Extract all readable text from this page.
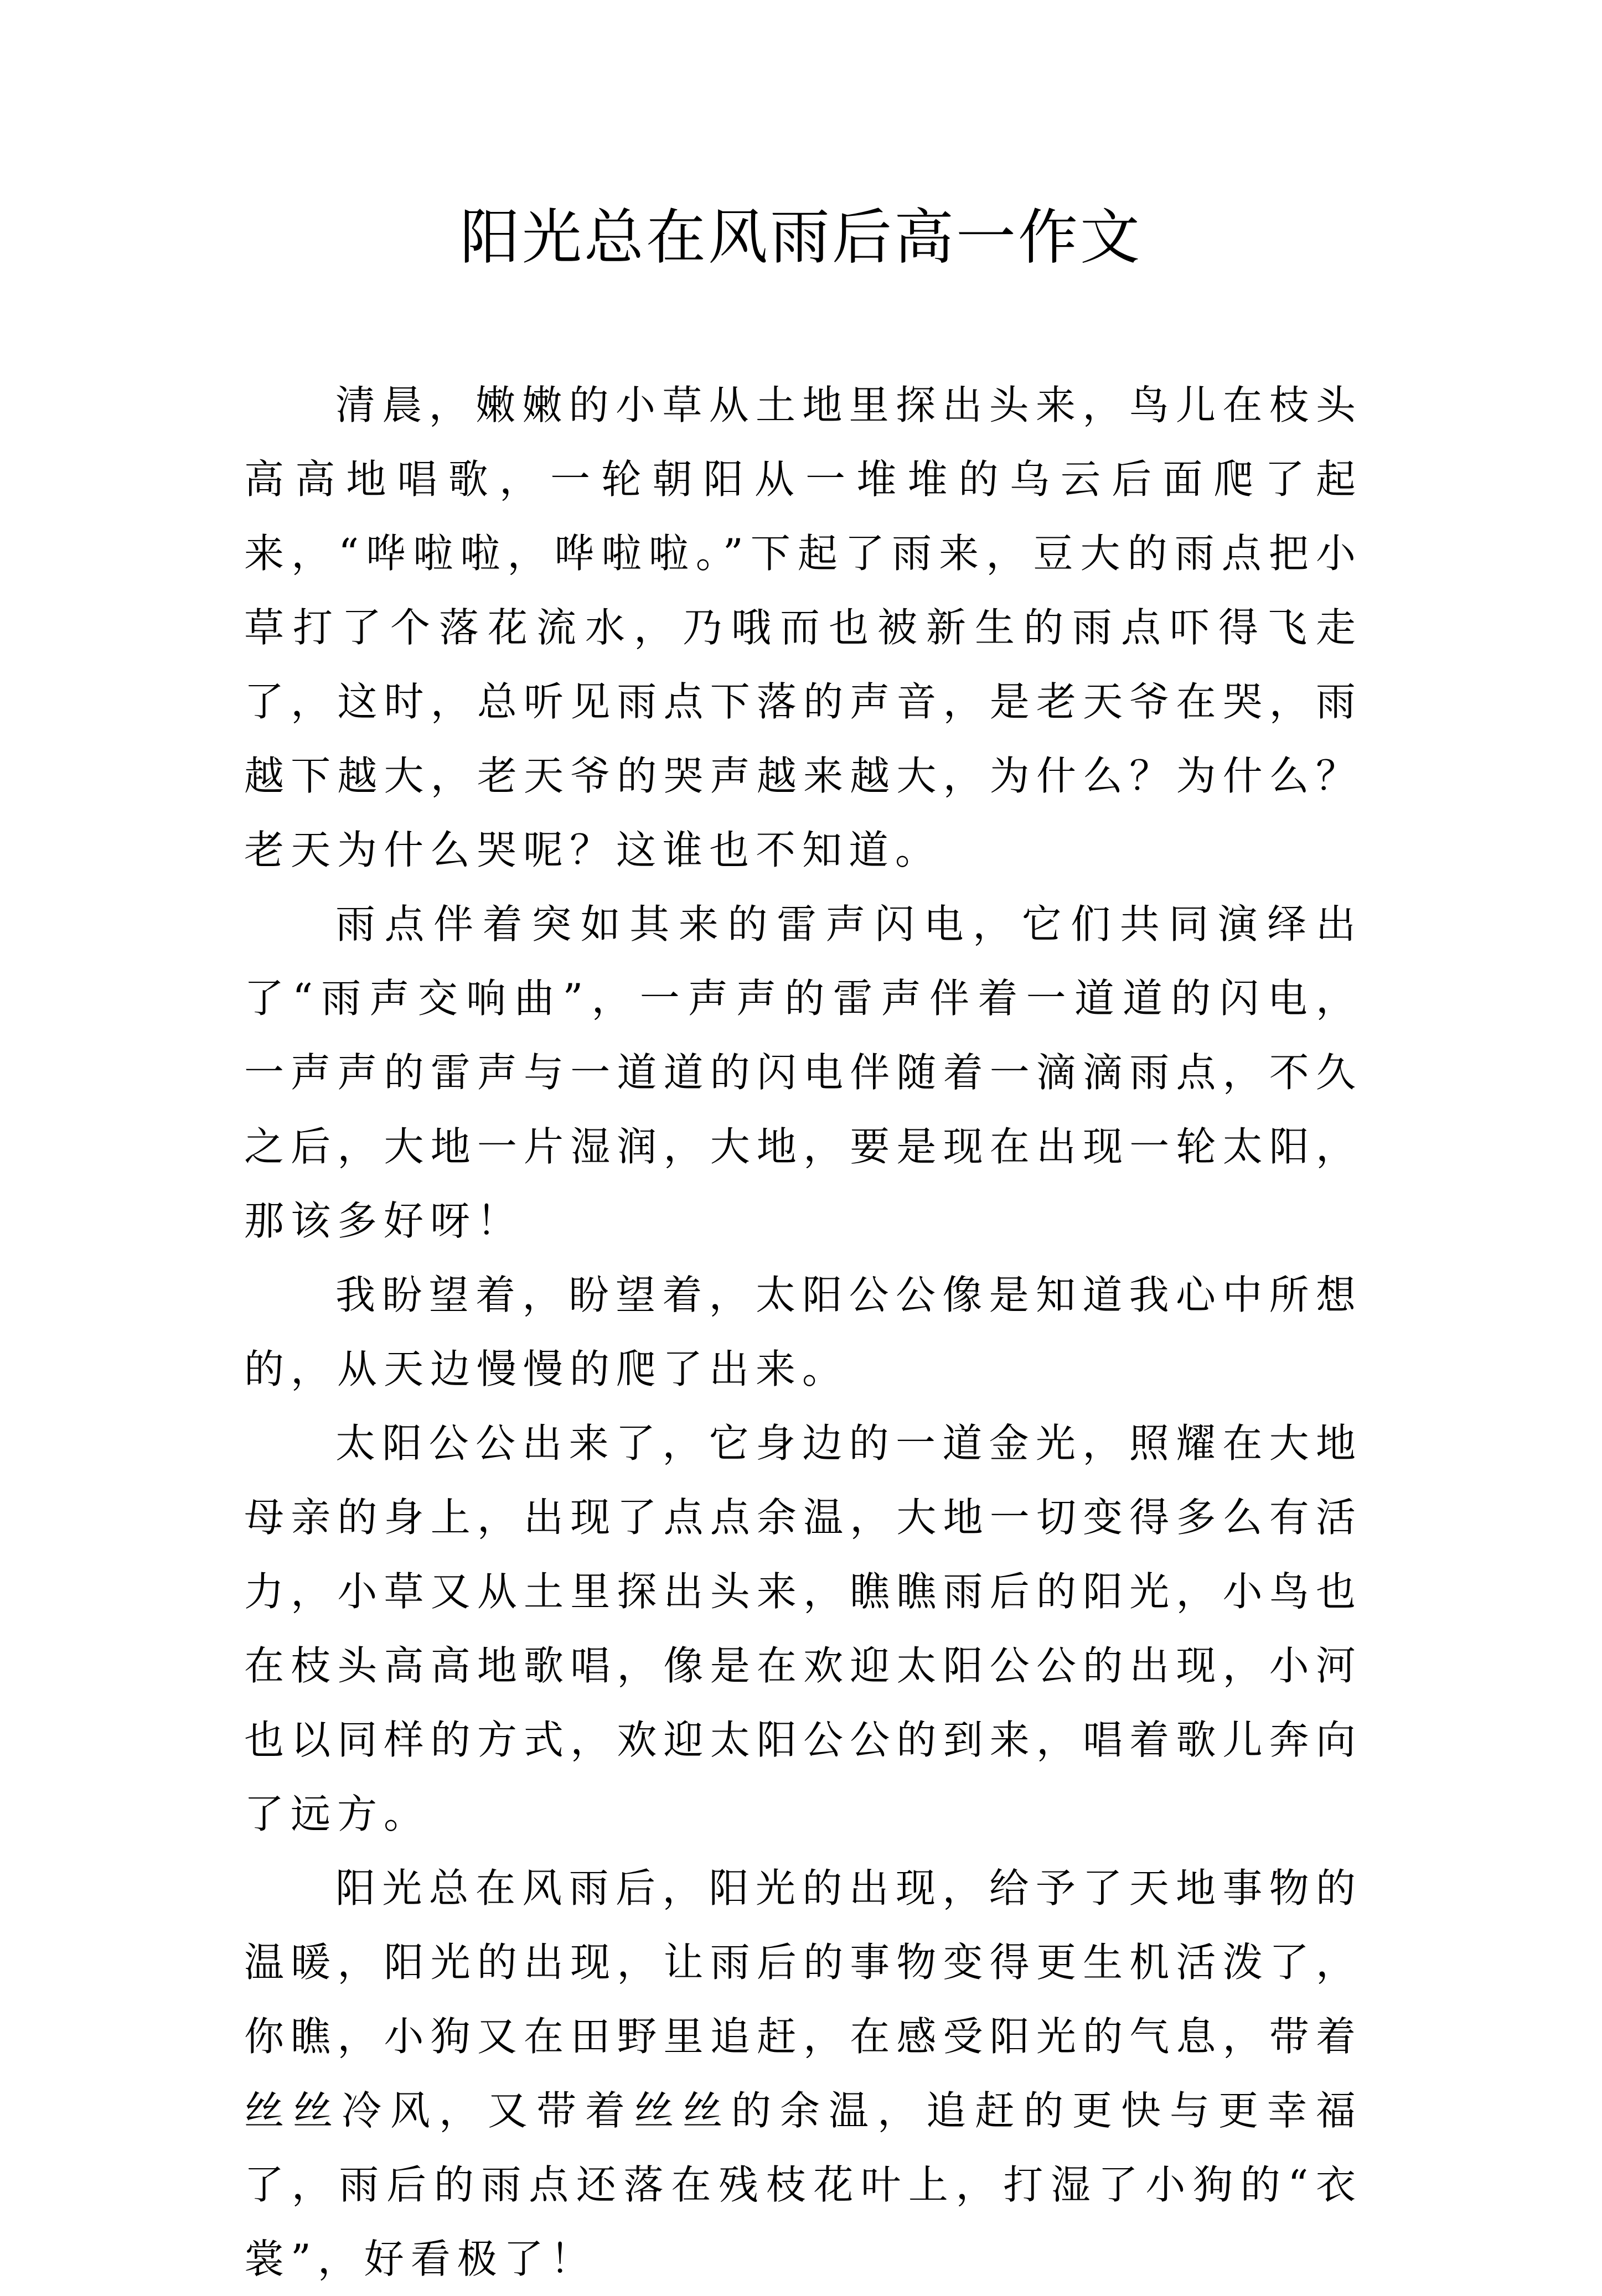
阳光总在风雨后高一作文

清晨，嫩嫩的小草从土地里探出头来，鸟儿在枝头高高地唱歌，一轮朝阳从一堆堆的乌云后面爬了起来，“哗啦啦，哗啦啦。”下起了雨来，豆大的雨点把小草打了个落花流水，乃哦而也被新生的雨点吓得飞走了，这时，总听见雨点下落的声音，是老天爷在哭，雨越下越大，老天爷的哭声越来越大，为什么？为什么？老天为什么哭呢？这谁也不知道。

雨点伴着突如其来的雷声闪电，它们共同演绎出了“雨声交响曲”，一声声的雷声伴着一道道的闪电，一声声的雷声与一道道的闪电伴随着一滴滴雨点，不久之后，大地一片湿润，大地，要是现在出现一轮太阳，那该多好呀！

我盼望着，盼望着，太阳公公像是知道我心中所想的，从天边慢慢的爬了出来。

太阳公公出来了，它身边的一道金光，照耀在大地母亲的身上，出现了点点余温，大地一切变得多么有活力，小草又从土里探出头来，瞧瞧雨后的阳光，小鸟也在枝头高高地歌唱，像是在欢迎太阳公公的出现，小河也以同样的方式，欢迎太阳公公的到来，唱着歌儿奔向了远方。

阳光总在风雨后，阳光的出现，给予了天地事物的温暖，阳光的出现，让雨后的事物变得更生机活泼了，你瞧，小狗又在田野里追赶，在感受阳光的气息，带着丝丝冷风，又带着丝丝的余温，追赶的更快与更幸福了，雨后的雨点还落在残枝花叶上，打湿了小狗的“衣裳”，好看极了！
